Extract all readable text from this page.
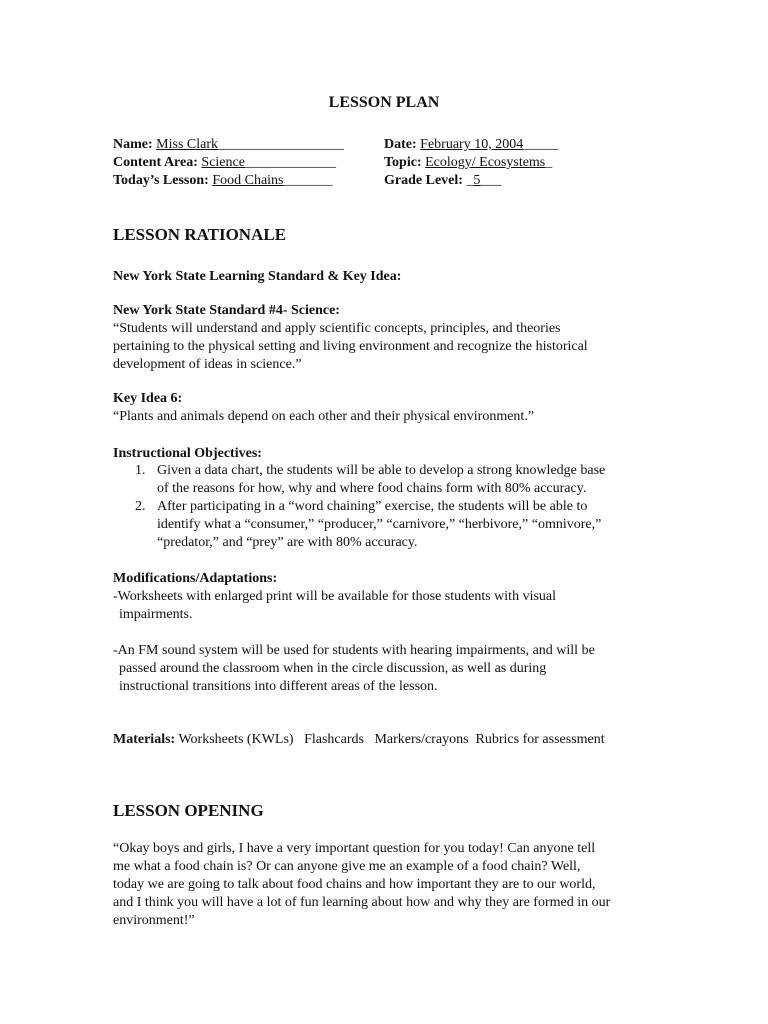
LESSON PLAN
Name: Miss Clark__________________	Date: February 10, 2004_____
Content Area: Science_____________	Topic: Ecology/ Ecosystems_
Today’s Lesson: Food Chains_______	Grade Level: _5___
LESSON RATIONALE
New York State Learning Standard & Key Idea:
New York State Standard #4- Science:
“Students will understand and apply scientific concepts, principles, and theories
pertaining to the physical setting and living environment and recognize the historical
development of ideas in science.”
Key Idea 6:
“Plants and animals depend on each other and their physical environment.”
Instructional Objectives:
1. Given a data chart, the students will be able to develop a strong knowledge base
of the reasons for how, why and where food chains form with 80% accuracy.
2. After participating in a “word chaining” exercise, the students will be able to
identify what a “consumer,” “producer,” “carnivore,” “herbivore,” “omnivore,”
“predator,” and “prey” are with 80% accuracy.
Modifications/Adaptations:
-Worksheets with enlarged print will be available for those students with visual
impairments.
-An FM sound system will be used for students with hearing impairments, and will be
passed around the classroom when in the circle discussion, as well as during
instructional transitions into different areas of the lesson.
Materials: Worksheets (KWLs) Flashcards Markers/crayons Rubrics for assessment
LESSON OPENING
“Okay boys and girls, I have a very important question for you today! Can anyone tell
me what a food chain is? Or can anyone give me an example of a food chain? Well,
today we are going to talk about food chains and how important they are to our world,
and I think you will have a lot of fun learning about how and why they are formed in our
environment!”
